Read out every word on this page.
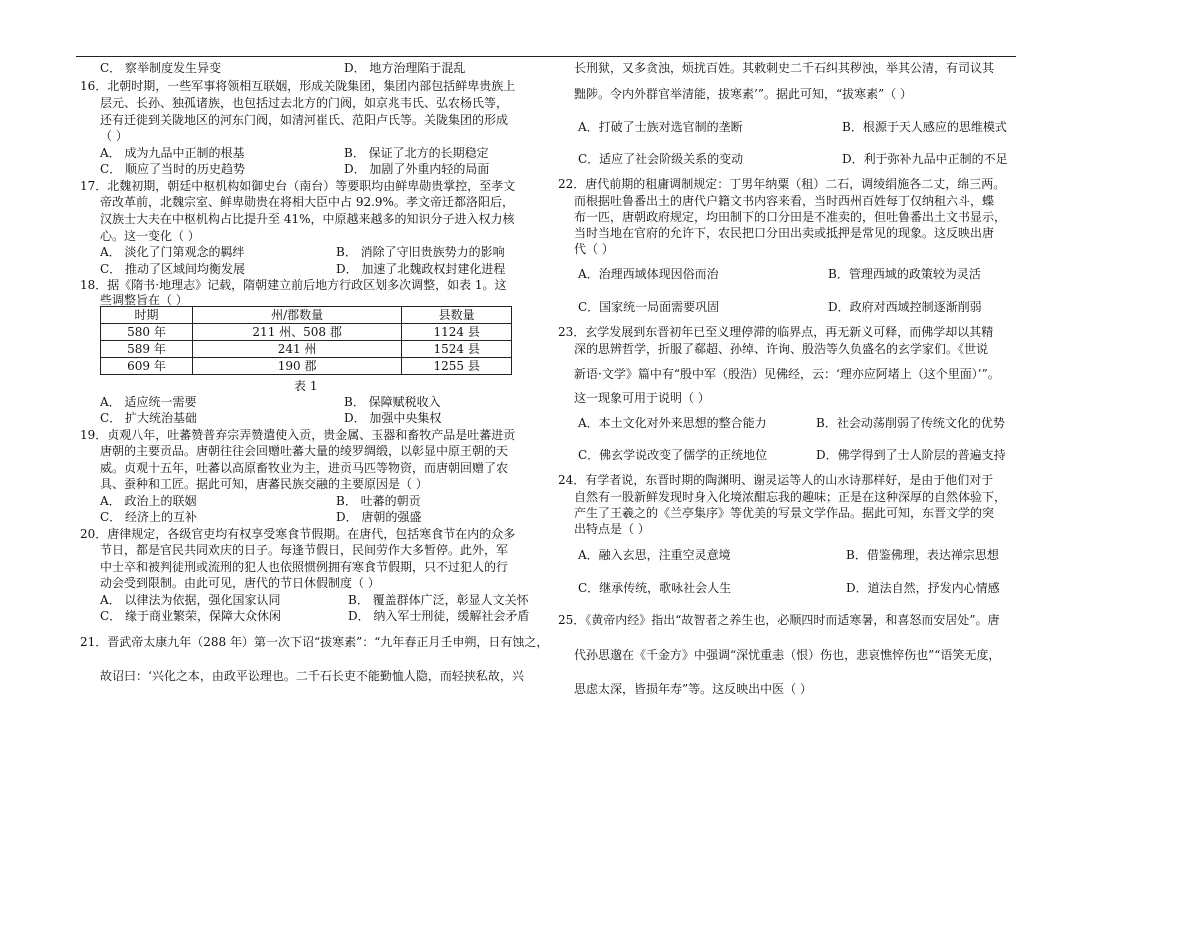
C． 察举制度发生异变	D． 地方治理陷于混乱
16．北朝时期，一些军事将领相互联姻，形成关陇集团，集团内部包括鲜卑贵族上
层元、长孙、独孤诸族，也包括过去北方的门阀，如京兆韦氏、弘农杨氏等，
还有迁徙到关陇地区的河东门阀，如清河崔氏、范阳卢氏等。关陇集团的形成
（ ）
A． 成为九品中正制的根基	B． 保证了北方的长期稳定
C． 顺应了当时的历史趋势	D． 加剧了外重内轻的局面
17．北魏初期，朝廷中枢机构如御史台（南台）等要职均由鲜卑勋贵掌控，至孝文
帝改革前，北魏宗室、鲜卑勋贵在将相大臣中占 92.9%。孝文帝迁都洛阳后，
汉族士大夫在中枢机构占比提升至 41%，中原越来越多的知识分子进入权力核
心。这一变化（ ）
A． 淡化了门第观念的羁绊	B． 消除了守旧贵族势力的影响
C． 推动了区域间均衡发展	D． 加速了北魏政权封建化进程
18．据《隋书·地理志》记载，隋朝建立前后地方行政区划多次调整，如表 1。这
些调整旨在（ ）
时期	州/郡数量	县数量
580 年	211 州、508 郡	1124 县
589 年	241 州	1524 县
609 年	190 郡	1255 县
表 1
A． 适应统一需要	B． 保障赋税收入
C． 扩大统治基础	D． 加强中央集权
19．贞观八年，吐蕃赞普弃宗弄赞遣使入贡，贵金属、玉器和畜牧产品是吐蕃进贡
唐朝的主要贡品。唐朝往往会回赠吐蕃大量的绫罗绸缎，以彰显中原王朝的天
威。贞观十五年，吐蕃以高原畜牧业为主，进贡马匹等物资，而唐朝回赠了农
具、蚕种和工匠。据此可知，唐蕃民族交融的主要原因是（ ）
A． 政治上的联姻	B． 吐蕃的朝贡
C． 经济上的互补	D． 唐朝的强盛
20．唐律规定，各级官吏均有权享受寒食节假期。在唐代，包括寒食节在内的众多
节日，都是官民共同欢庆的日子。每逢节假日，民间劳作大多暂停。此外，军
中士卒和被判徒刑或流刑的犯人也依照惯例拥有寒食节假期，只不过犯人的行
动会受到限制。由此可见，唐代的节日休假制度（ ）
A． 以律法为依据，强化国家认同	B． 覆盖群体广泛，彰显人文关怀
C． 缘于商业繁荣，保障大众休闲	D． 纳入军士刑徒，缓解社会矛盾
21．晋武帝太康九年（288 年）第一次下诏“拔寒素”：“九年春正月壬申朔，日有蚀之，
故诏曰：‘兴化之本，由政平讼理也。二千石长吏不能勤恤人隐，而轻挟私故，兴
长刑狱，又多贪浊，烦扰百姓。其敕刺史二千石纠其秽浊，举其公清，有司议其
黜陟。令内外群官举清能，拔寒素’”。据此可知，“拔寒素”（ ）
A．打破了士族对选官制的垄断	B．根源于天人感应的思维模式
C．适应了社会阶级关系的变动	D．利于弥补九品中正制的不足
22．唐代前期的租庸调制规定：丁男年纳粟（租）二石，调绫绢施各二丈，绵三两。
而根据吐鲁番出土的唐代户籍文书内容来看，当时西州百姓每丁仅纳租六斗，蝶
布一匹，唐朝政府规定，均田制下的口分田是不准卖的，但吐鲁番出土文书显示，
当时当地在官府的允许下，农民把口分田出卖或抵押是常见的现象。这反映出唐
代（ ）
A．治理西域体现因俗而治	B．管理西域的政策较为灵活
C．国家统一局面需要巩固	D．政府对西域控制逐渐削弱
23．玄学发展到东晋初年已至义理停滞的临界点，再无新义可释，而佛学却以其精
深的思辨哲学，折服了郗超、孙绰、许询、殷浩等久负盛名的玄学家们。《世说
新语·文学》篇中有“殷中军（殷浩）见佛经，云：‘理亦应阿堵上（这个里面）’”。
这一现象可用于说明（ ）
A．本土文化对外来思想的整合能力	B．社会动荡削弱了传统文化的优势
C．佛玄学说改变了儒学的正统地位	D．佛学得到了士人阶层的普遍支持
24．有学者说，东晋时期的陶渊明、谢灵运等人的山水诗那样好，是由于他们对于
自然有一股新鲜发现时身入化境浓酣忘我的趣味；正是在这种深厚的自然体验下，
产生了王羲之的《兰亭集序》等优美的写景文学作品。据此可知，东晋文学的突
出特点是（ ）
A．融入玄思，注重空灵意境	B．借鉴佛理，表达禅宗思想
C．继承传统，歌咏社会人生	D．道法自然，抒发内心情感
25．《黄帝内经》指出“故智者之养生也，必顺四时而适寒暑，和喜怒而安居处”。唐
代孙思邈在《千金方》中强调“深忧重恚（恨）伤也，悲哀憔悴伤也”“语笑无度，
思虑太深，皆损年寿”等。这反映出中医（ ）
